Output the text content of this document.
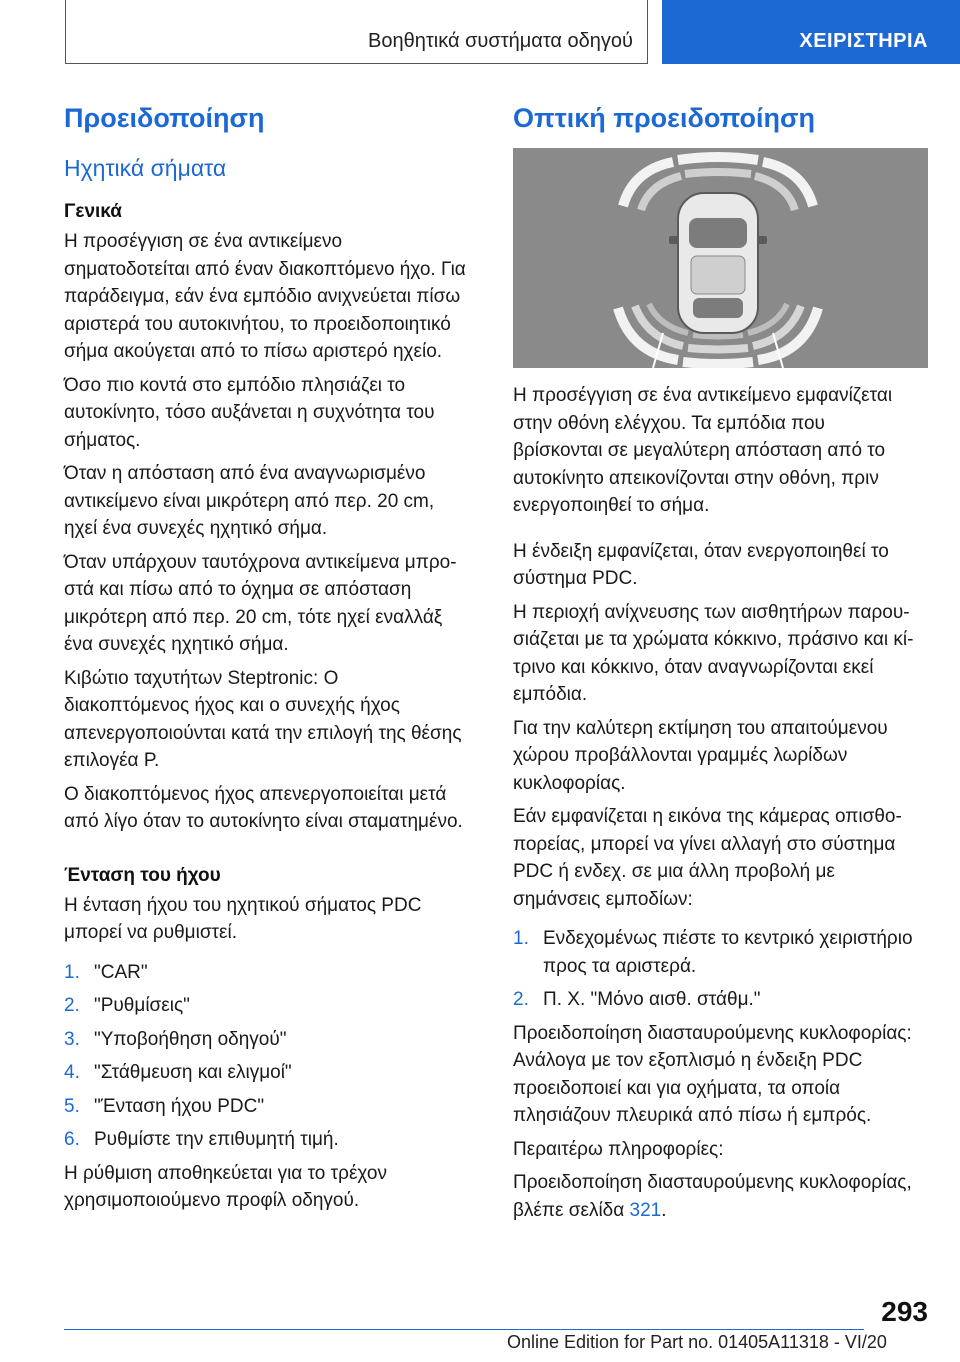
Βοηθητικά συστήματα οδηγού	ΧΕΙΡΙΣΤΗΡΙΑ
Προειδοποίηση
Ηχητικά σήματα
Γενικά

Η προσέγγιση σε ένα αντικείμενο σηματοδοτείται από έναν διακοπτόμενο ήχο. Για παράδειγμα, εάν ένα εμπόδιο ανιχνεύεται πίσω αριστερά του αυτοκινήτου, το προειδοποιητικό σήμα ακούγεται από το πίσω αριστερό ηχείο.

Όσο πιο κοντά στο εμπόδιο πλησιάζει το αυτοκίνητο, τόσο αυξάνεται η συχνότητα του σήματος.

Όταν η απόσταση από ένα αναγνωρισμένο αντικείμενο είναι μικρότερη από περ. 20 cm, ηχεί ένα συνεχές ηχητικό σήμα.

Όταν υπάρχουν ταυτόχρονα αντικείμενα μπροστά και πίσω από το όχημα σε απόσταση μικρότερη από περ. 20 cm, τότε ηχεί εναλλάξ ένα συνεχές ηχητικό σήμα.

Κιβώτιο ταχυτήτων Steptronic: Ο διακοπτόμενος ήχος και ο συνεχής ήχος απενεργοποιούνται κατά την επιλογή της θέσης επιλογέα P.

Ο διακοπτόμενος ήχος απενεργοποιείται μετά από λίγο όταν το αυτοκίνητο είναι σταματημένο.

Ένταση του ήχου

Η ένταση ήχου του ηχητικού σήματος PDC μπορεί να ρυθμιστεί.

1. "CAR"
2. "Ρυθμίσεις"
3. "Υποβοήθηση οδηγού"
4. "Στάθμευση και ελιγμοί"
5. "Ένταση ήχου PDC"
6. Ρυθμίστε την επιθυμητή τιμή.

Η ρύθμιση αποθηκεύεται για το τρέχον χρησιμοποιούμενο προφίλ οδηγού.

Οπτική προειδοποίηση

Η προσέγγιση σε ένα αντικείμενο εμφανίζεται στην οθόνη ελέγχου. Τα εμπόδια που βρίσκονται σε μεγαλύτερη απόσταση από το αυτοκίνητο απεικονίζονται στην οθόνη, πριν ενεργοποιηθεί το σήμα.

Η ένδειξη εμφανίζεται, όταν ενεργοποιηθεί το σύστημα PDC.

Η περιοχή ανίχνευσης των αισθητήρων παρουσιάζεται με τα χρώματα κόκκινο, πράσινο και κίτρινο και κόκκινο, όταν αναγνωρίζονται εκεί εμπόδια.

Για την καλύτερη εκτίμηση του απαιτούμενου χώρου προβάλλονται γραμμές λωρίδων κυκλοφορίας.

Εάν εμφανίζεται η εικόνα της κάμερας οπισθοπορείας, μπορεί να γίνει αλλαγή στο σύστημα PDC ή ενδεχ. σε μια άλλη προβολή με σημάνσεις εμποδίων:

1. Ενδεχομένως πιέστε το κεντρικό χειριστήριο προς τα αριστερά.
2. Π. Χ. "Μόνο αισθ. στάθμ."

Προειδοποίηση διασταυρούμενης κυκλοφορίας: Ανάλογα με τον εξοπλισμό η ένδειξη PDC προειδοποιεί και για οχήματα, τα οποία πλησιάζουν πλευρικά από πίσω ή εμπρός.

Περαιτέρω πληροφορίες:

Προειδοποίηση διασταυρούμενης κυκλοφορίας, βλέπε σελίδα 321.

293
Online Edition for Part no. 01405A11318 - VI/20
